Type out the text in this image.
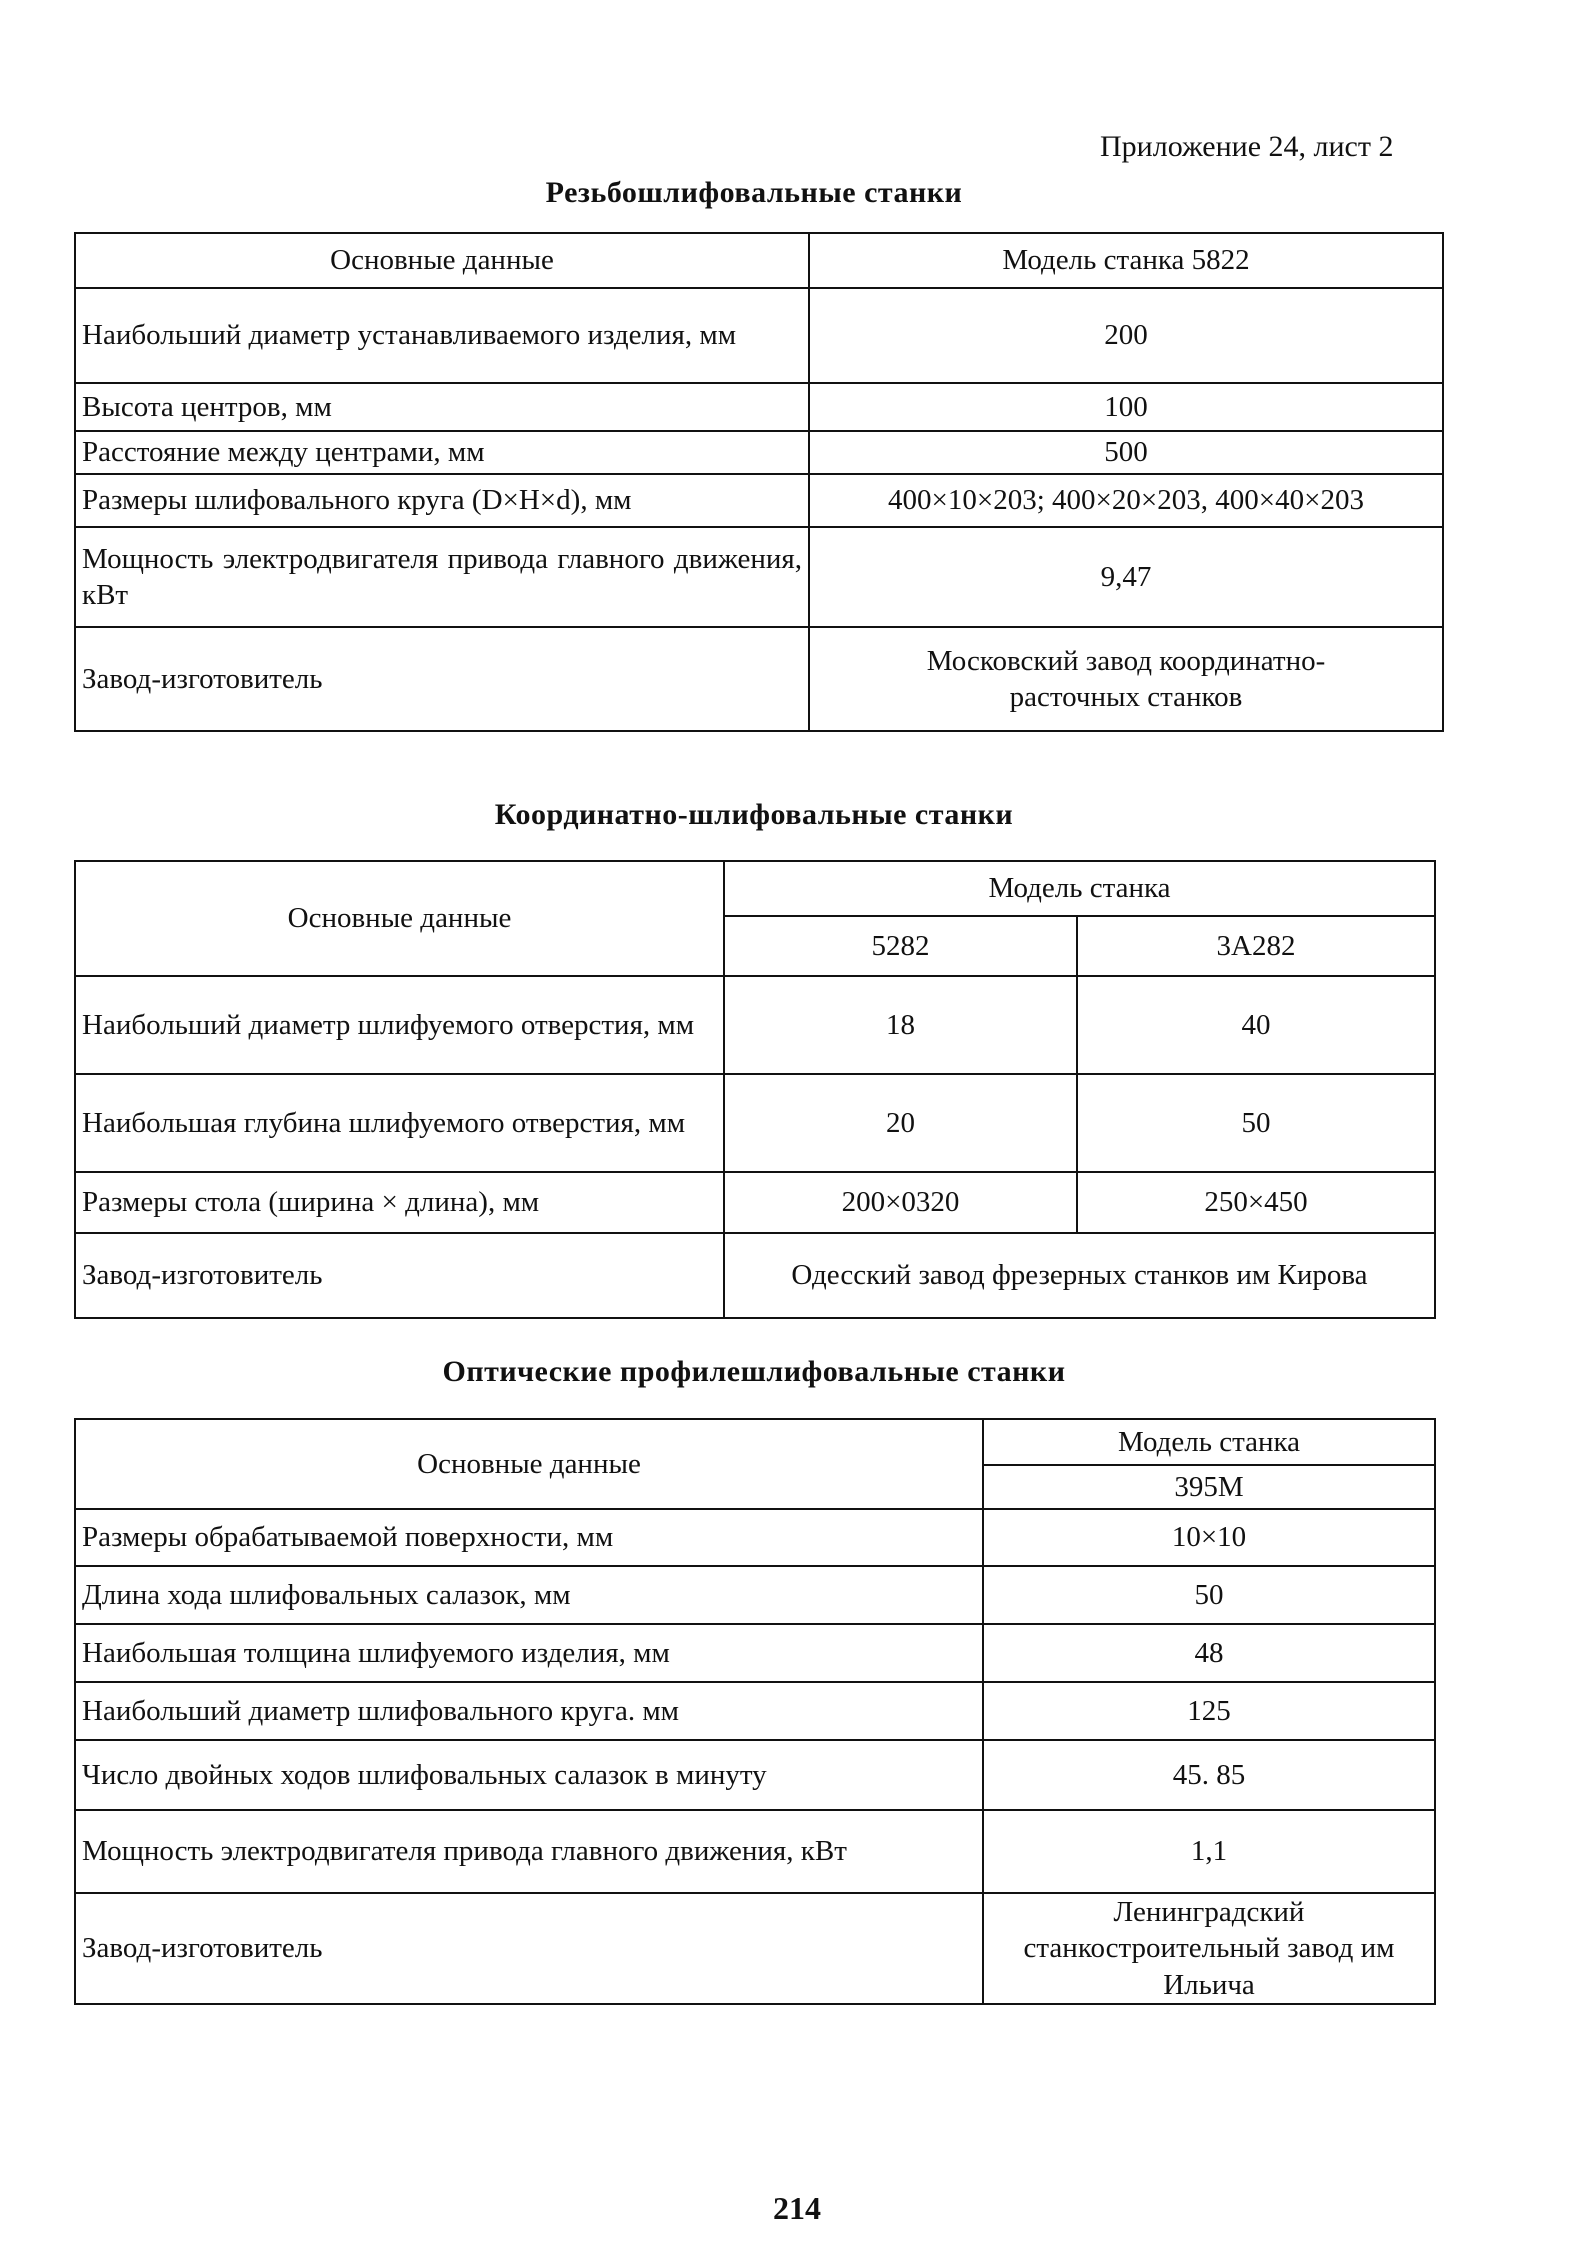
Приложение 24, лист 2
Резьбошлифовальные станки
Основные данные	Модель станка 5822
Наибольший диаметр устанавливаемого изделия, мм	200
Высота центров, мм	100
Расстояние между центрами, мм	500
Размеры шлифовального круга (D×H×d), мм	400×10×203; 400×20×203, 400×40×203
Мощность электродвигателя привода главного движения, кВт	9,47
Завод-изготовитель	Московский завод координатно-расточных станков
Координатно-шлифовальные станки
Основные данные	Модель станка	
	5282	3А282
Наибольший диаметр шлифуемого отверстия, мм	18	40
Наибольшая глубина шлифуемого отверстия, мм	20	50
Размеры стола (ширина × длина), мм	200×0320	250×450
Завод-изготовитель	Одесский завод фрезерных станков им Кирова	
Оптические профилешлифовальные станки
Основные данные	Модель станка
	395М
Размеры обрабатываемой поверхности, мм	10×10
Длина хода шлифовальных салазок, мм	50
Наибольшая толщина шлифуемого изделия, мм	48
Наибольший диаметр шлифовального круга. мм	125
Число двойных ходов шлифовальных салазок в минуту	45. 85
Мощность электродвигателя привода главного движения, кВт	1,1
Завод-изготовитель	Ленинградский станкостроительный завод им Ильича
214
